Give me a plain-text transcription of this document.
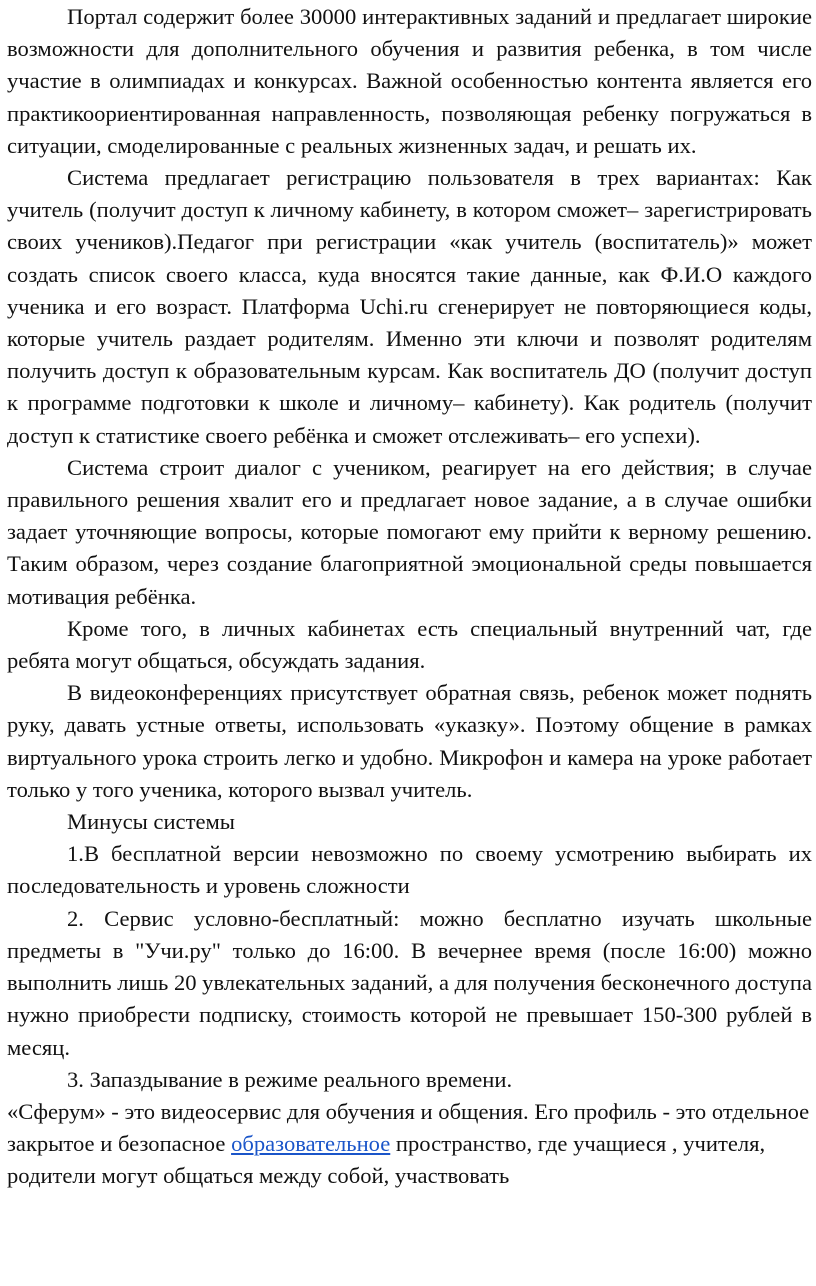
Портал содержит более 30000 интерактивных заданий и предлагает широкие возможности для дополнительного обучения и развития ребенка, в том числе участие в олимпиадах и конкурсах. Важной особенностью контента является его практикоориентированная направленность, позволяющая ребенку погружаться в ситуации, смоделированные с реальных жизненных задач, и решать их.

Система предлагает регистрацию пользователя в трех вариантах: Как учитель (получит доступ к личному кабинету, в котором сможет– зарегистрировать своих учеников).Педагог при регистрации «как учитель (воспитатель)» может создать список своего класса, куда вносятся такие данные, как Ф.И.О каждого ученика и его возраст. Платформа Uchi.ru сгенерирует не повторяющиеся коды, которые учитель раздает родителям. Именно эти ключи и позволят родителям получить доступ к образовательным курсам. Как воспитатель ДО (получит доступ к программе подготовки к школе и личному– кабинету). Как родитель (получит доступ к статистике своего ребёнка и сможет отслеживать– его успехи).

Система строит диалог с учеником, реагирует на его действия; в случае правильного решения хвалит его и предлагает новое задание, а в случае ошибки задает уточняющие вопросы, которые помогают ему прийти к верному решению. Таким образом, через создание благоприятной эмоциональной среды повышается мотивация ребёнка.

Кроме того, в личных кабинетах есть специальный внутренний чат, где ребята могут общаться, обсуждать задания.

В видеоконференциях присутствует обратная связь, ребенок может поднять руку, давать устные ответы, использовать «указку». Поэтому общение в рамках виртуального урока строить легко и удобно. Микрофон и камера на уроке работает только у того ученика, которого вызвал учитель.

Минусы системы

1.В бесплатной версии невозможно по своему усмотрению выбирать их последовательность и уровень сложности

2. Сервис условно-бесплатный: можно бесплатно изучать школьные предметы в "Учи.ру" только до 16:00. В вечернее время (после 16:00) можно выполнить лишь 20 увлекательных заданий, а для получения бесконечного доступа нужно приобрести подписку, стоимость которой не превышает 150-300 рублей в месяц.

3. Запаздывание в режиме реального времени.

«Сферум» - это видеосервис для обучения и общения. Его профиль - это отдельное закрытое и безопасное образовательное пространство, где учащиеся , учителя, родители могут общаться между собой, участвовать
